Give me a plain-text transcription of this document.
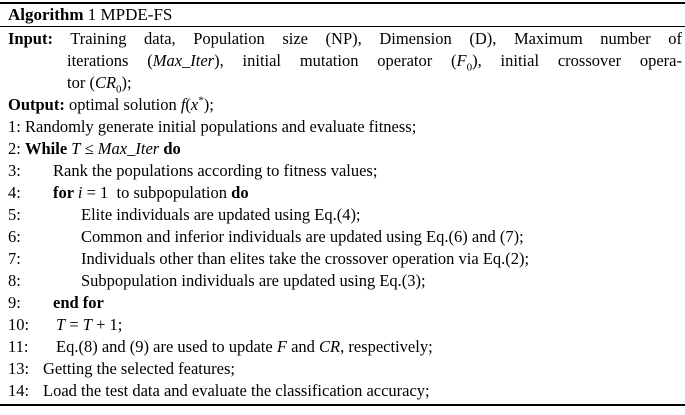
Algorithm 1 MPDE-FS
Input: Training data, Population size (NP), Dimension (D), Maximum number of
iterations (Max_Iter), initial mutation operator $(F_0)$, initial crossover opera-
tor $(CR_0)$;
Output: optimal solution f(x*);
1: Randomly generate initial populations and evaluate fitness;
2: While T ≤ Max_Iter do
3: Rank the populations according to fitness values;
4: for i = 1  to subpopulation do
5:	Elite individuals are updated using Eq.(4);
6:	Common and inferior individuals are updated using Eq.(6) and (7);
7:	Individuals other than elites take the crossover operation via Eq.(2);
8:	Subpopulation individuals are updated using Eq.(3);
9: end for
10: T = T + 1;
11: Eq.(8) and (9) are used to update F and CR, respectively;
13: Getting the selected features;
14: Load the test data and evaluate the classification accuracy;
